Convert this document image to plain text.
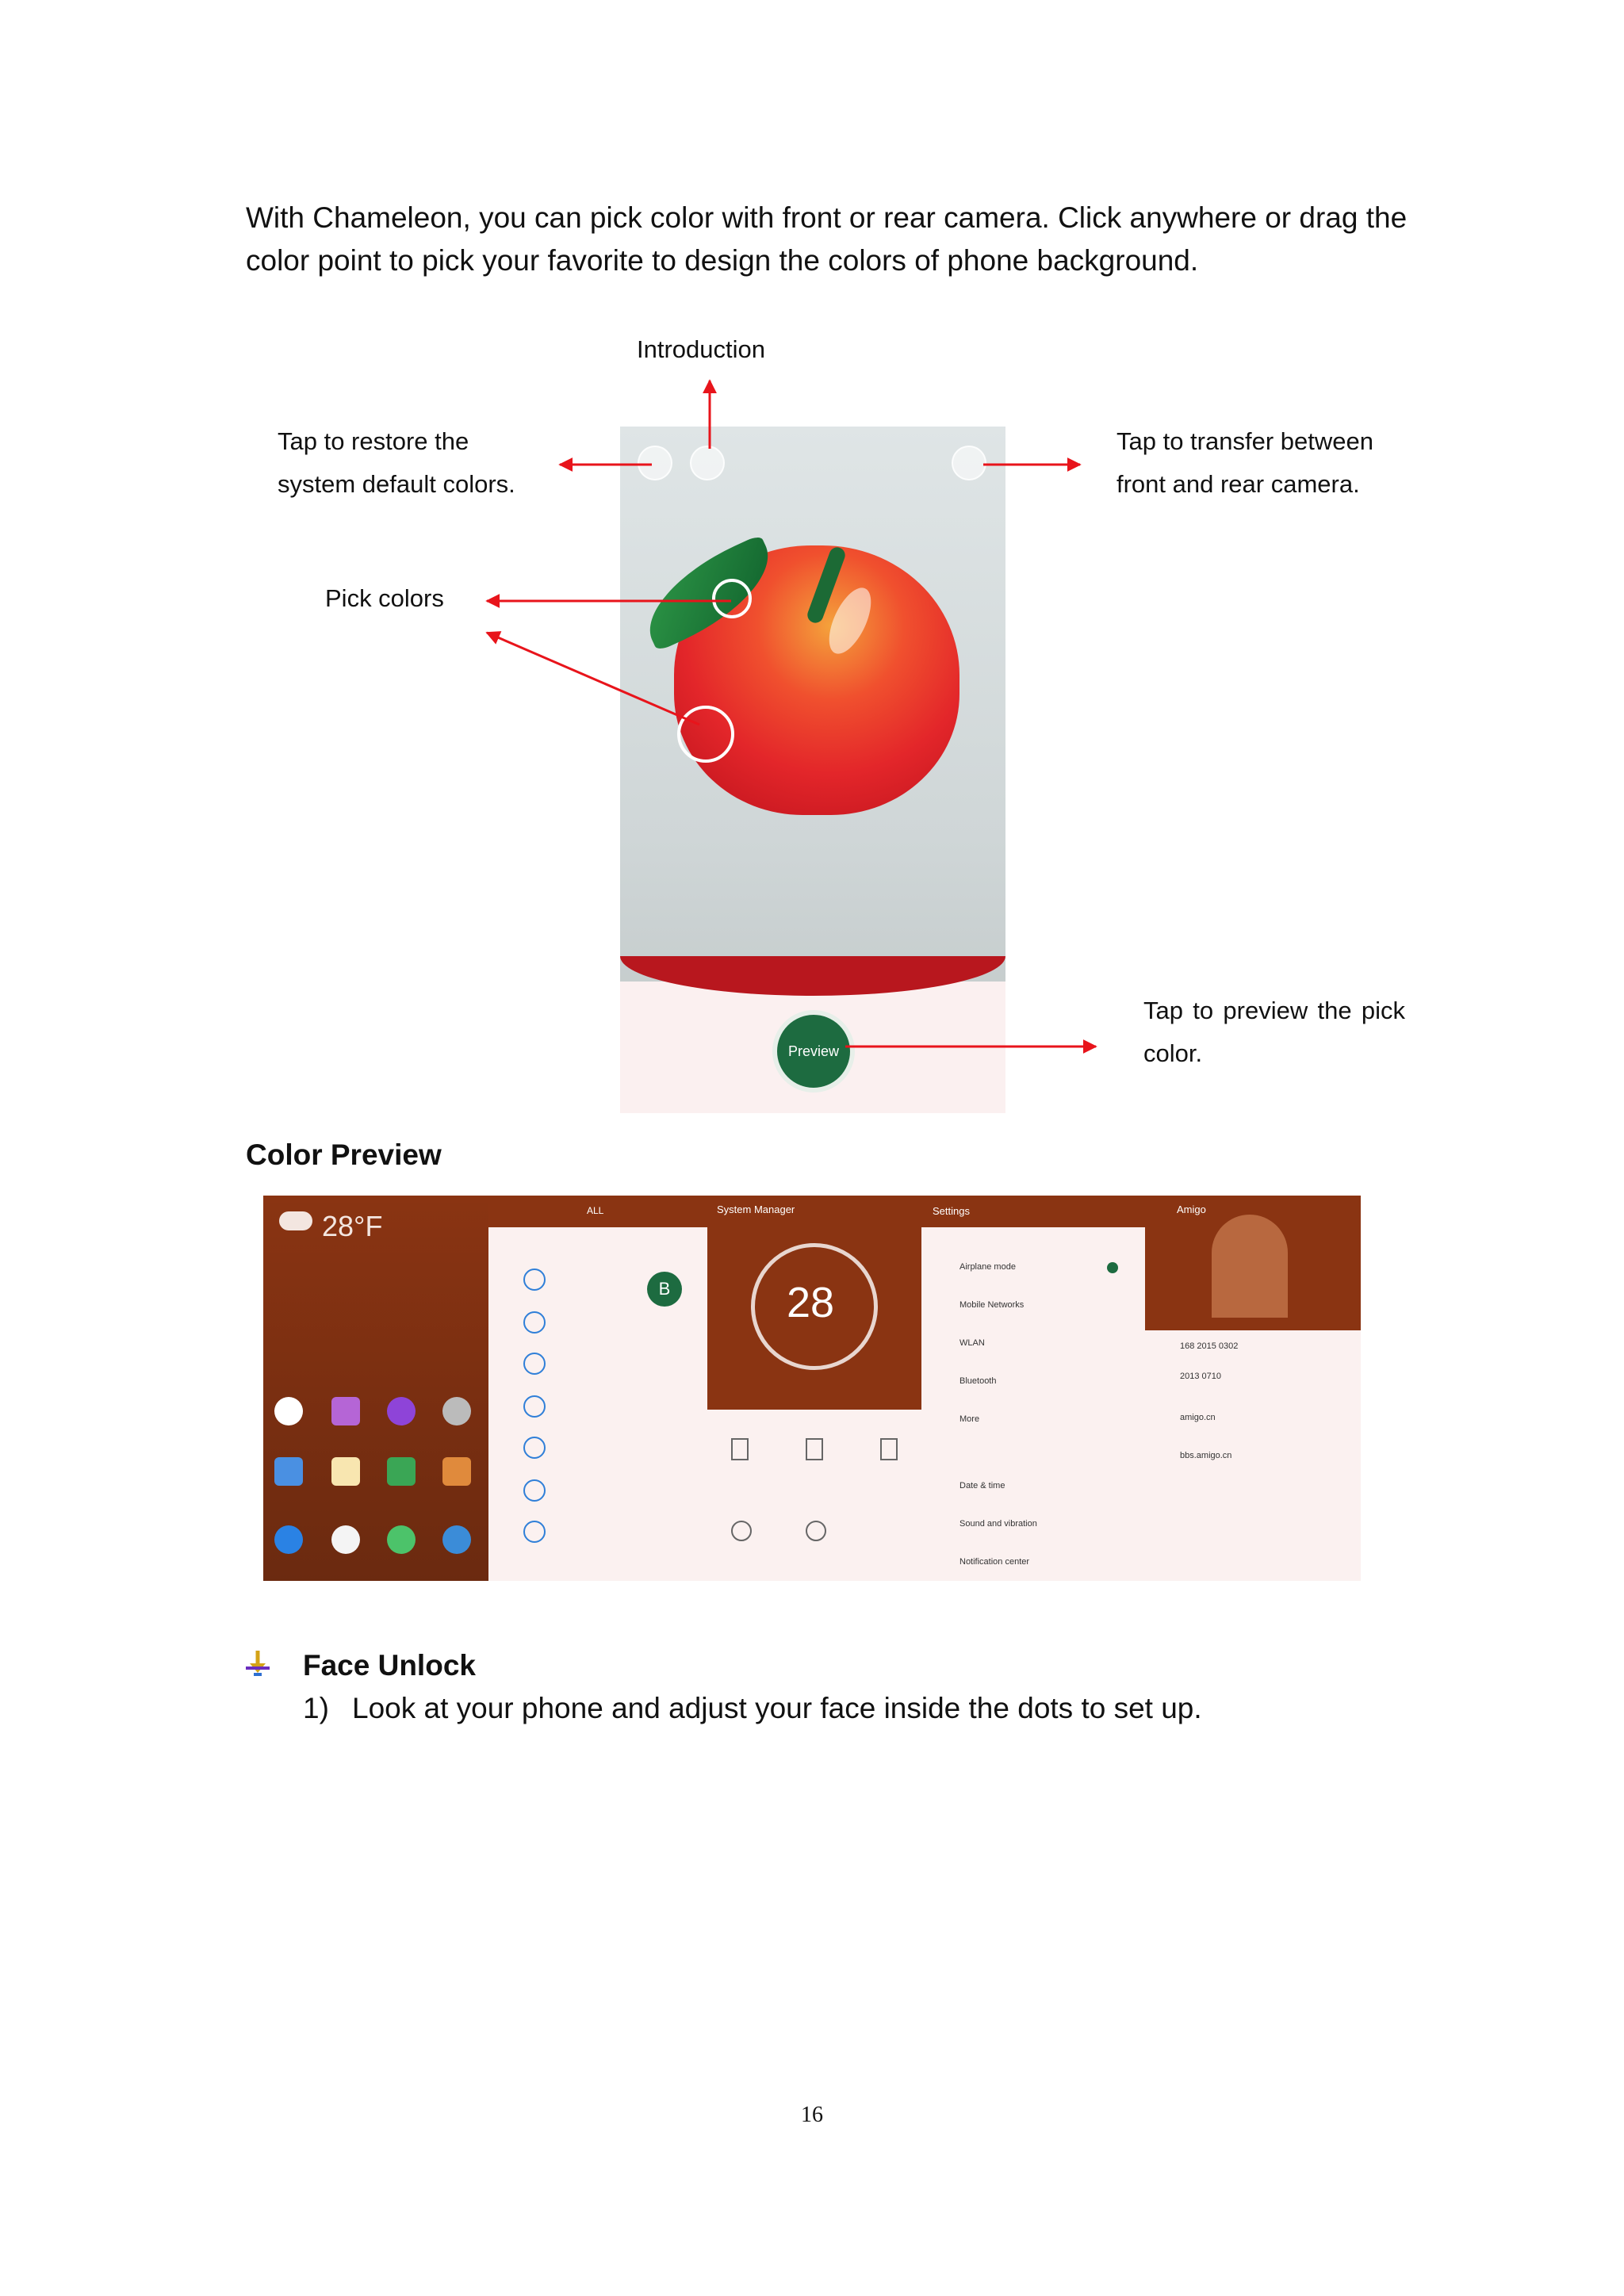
With Chameleon, you can pick color with front or rear camera. Click anywhere or drag the color point to pick your favorite to design the colors of phone background.
Introduction
Tap to restore the
system default colors.
Tap to transfer between
front and rear camera.
Pick colors
Tap to preview the pick
color.
Preview
Color Preview
28°F	ALL
B
System Manager
28
Settings
Airplane mode
Mobile Networks
WLAN
Bluetooth
More
Date & time
Sound and vibration
Notification center
Amigo
168 2015 0302
2013 0710
amigo.cn
bbs.amigo.cn
Face Unlock
1) Look at your phone and adjust your face inside the dots to set up.
16
